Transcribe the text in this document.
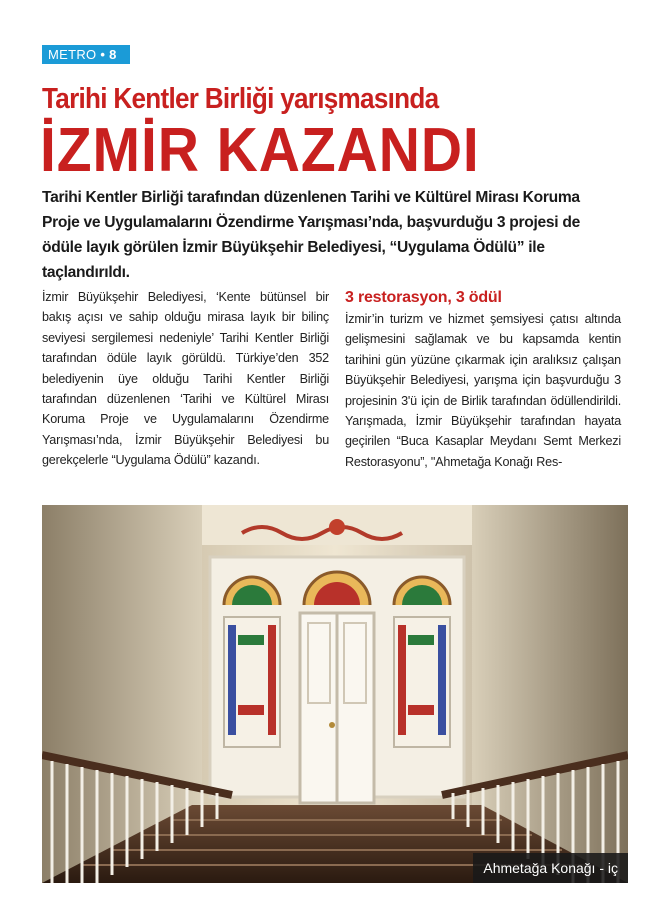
METRO • 8
Tarihi Kentler Birliği yarışmasında
İZMİR KAZANDI
Tarihi Kentler Birliği tarafından düzenlenen Tarihi ve Kültürel Mirası Koruma Proje ve Uygulamalarını Özendirme Yarışması’nda, başvurduğu 3 projesi de ödüle layık görülen İzmir Büyükşehir Belediyesi, “Uygulama Ödülü” ile taçlandırıldı.
İzmir Büyükşehir Belediyesi, ‘Kente bütünsel bir bakış açısı ve sahip olduğu mirasa layık bir bilinç seviyesi sergilemesi nedeniyle’ Tarihi Kentler Birliği tarafından ödüle layık görüldü. Türkiye’den 352 belediyenin üye olduğu Tarihi Kentler Birliği tarafından düzenlenen ‘Tarihi ve Kültürel Mirası Koruma Proje ve Uygulamalarını Özendirme Yarışması’nda, İzmir Büyükşehir Belediyesi bu gerekçelerle “Uygulama Ödülü” kazandı.
3 restorasyon, 3 ödül
İzmir’in turizm ve hizmet şemsiyesi çatısı altında gelişmesini sağlamak ve bu kapsamda kentin tarihini gün yüzüne çıkarmak için aralıksız çalışan Büyükşehir Belediyesi, yarışma için başvurduğu 3 projesinin 3'ü için de Birlik tarafından ödüllendirildi. Yarışmada, İzmir Büyükşehir tarafından hayata geçirilen “Buca Kasaplar Meydanı Semt Merkezi Restorasyonu”, "Ahmetağa Konağı Res-
Ahmetağa Konağı - iç
